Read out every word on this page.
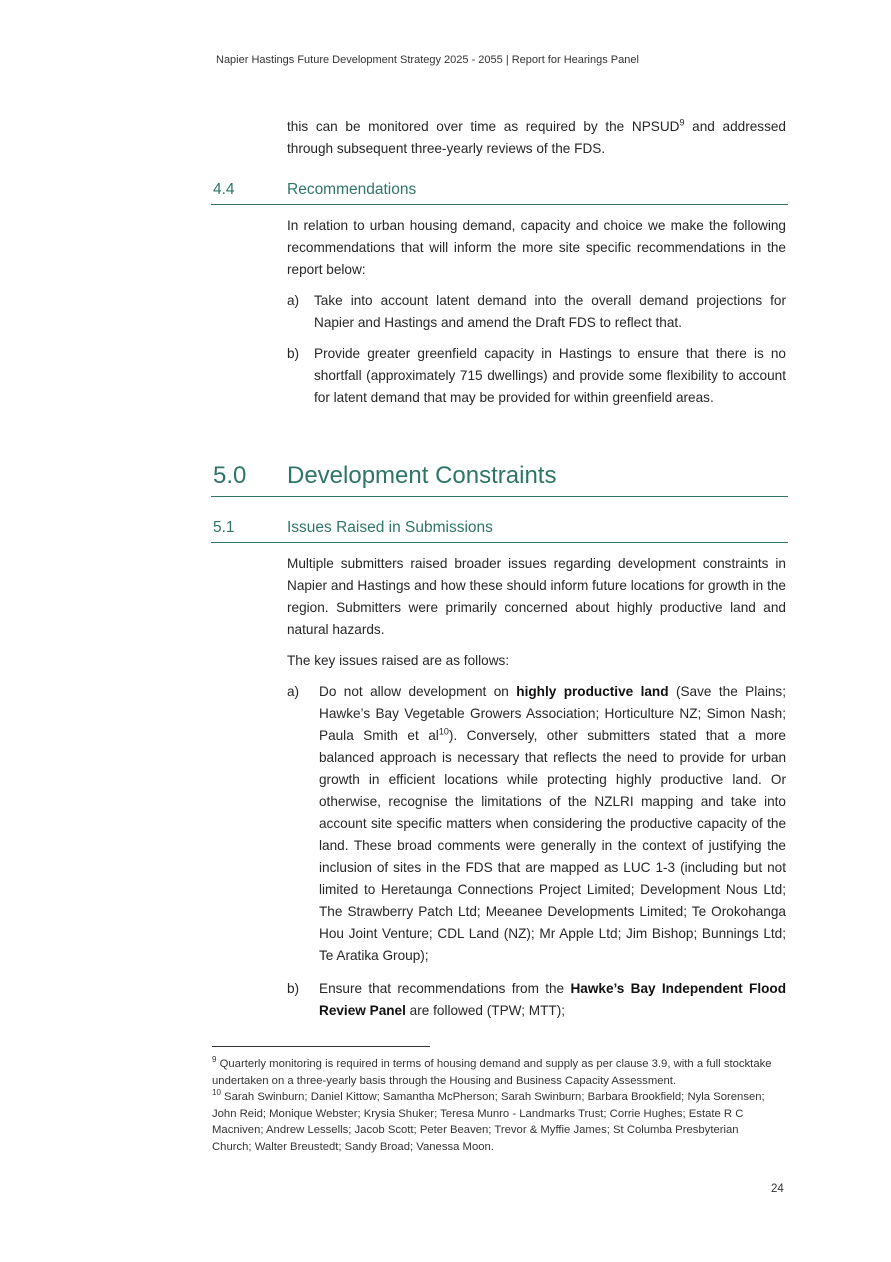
Napier Hastings Future Development Strategy 2025 - 2055 | Report for Hearings Panel
this can be monitored over time as required by the NPSUD$^9$ and addressed through subsequent three-yearly reviews of the FDS.
4.4	Recommendations
In relation to urban housing demand, capacity and choice we make the following recommendations that will inform the more site specific recommendations in the report below:
a) Take into account latent demand into the overall demand projections for Napier and Hastings and amend the Draft FDS to reflect that.
b) Provide greater greenfield capacity in Hastings to ensure that there is no shortfall (approximately 715 dwellings) and provide some flexibility to account for latent demand that may be provided for within greenfield areas.
5.0 Development Constraints
5.1	Issues Raised in Submissions
Multiple submitters raised broader issues regarding development constraints in Napier and Hastings and how these should inform future locations for growth in the region. Submitters were primarily concerned about highly productive land and natural hazards.
The key issues raised are as follows:
a) Do not allow development on highly productive land (Save the Plains; Hawke’s Bay Vegetable Growers Association; Horticulture NZ; Simon Nash; Paula Smith et $al^{10}$). Conversely, other submitters stated that a more balanced approach is necessary that reflects the need to provide for urban growth in efficient locations while protecting highly productive land. Or otherwise, recognise the limitations of the NZLRI mapping and take into account site specific matters when considering the productive capacity of the land. These broad comments were generally in the context of justifying the inclusion of sites in the FDS that are mapped as LUC 1-3 (including but not limited to Heretaunga Connections Project Limited; Development Nous Ltd; The Strawberry Patch Ltd; Meeanee Developments Limited; Te Orokohanga Hou Joint Venture; CDL Land (NZ); Mr Apple Ltd; Jim Bishop; Bunnings Ltd; Te Aratika Group);
b) Ensure that recommendations from the Hawke’s Bay Independent Flood Review Panel are followed (TPW; MTT);
$^9$ Quarterly monitoring is required in terms of housing demand and supply as per clause 3.9, with a full stocktake undertaken on a three-yearly basis through the Housing and Business Capacity Assessment.
$^{10}$ Sarah Swinburn; Daniel Kittow; Samantha McPherson; Sarah Swinburn; Barbara Brookfield; Nyla Sorensen; John Reid; Monique Webster; Krysia Shuker; Teresa Munro - Landmarks Trust; Corrie Hughes; Estate R C Macniven; Andrew Lessells; Jacob Scott; Peter Beaven; Trevor & Myffie James; St Columba Presbyterian Church; Walter Breustedt; Sandy Broad; Vanessa Moon.
24
